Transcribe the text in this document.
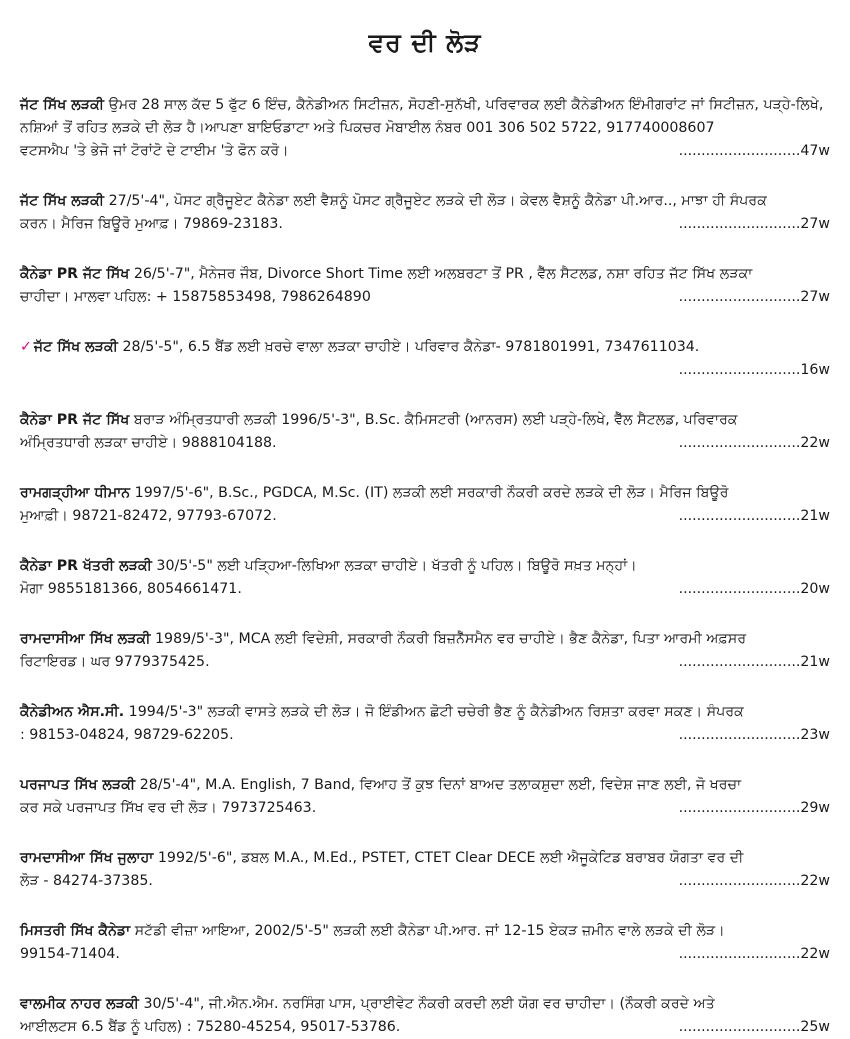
ਵਰ ਦੀ ਲੋੜ
ਜੱਟ ਸਿੱਖ ਲੜਕੀ ਉਮਰ 28 ਸਾਲ ਕੱਦ 5 ਫੁੱਟ 6 ਇੰਚ, ਕੈਨੇਡੀਅਨ ਸਿਟੀਜ਼ਨ, ਸੋਹਣੀ-ਸੁਨੱਖੀ, ਪਰਿਵਾਰਕ ਲਈ ਕੈਨੇਡੀਅਨ ਇੰਮੀਗਰਾਂਟ ਜਾਂ ਸਿਟੀਜ਼ਨ, ਪੜ੍ਹੇ-ਲਿਖੇ, ਨਸ਼ਿਆਂ ਤੋਂ ਰਹਿਤ ਲੜਕੇ ਦੀ ਲੋੜ ਹੈ।ਆਪਣਾ ਬਾਇਓਡਾਟਾ ਅਤੇ ਪਿਕਚਰ ਮੋਬਾਈਲ ਨੰਬਰ 001 306 502 5722, 917740008607
ਵਟਸਐਪ 'ਤੇ ਭੇਜੋ ਜਾਂ ਟੋਰਾਂਟੋ ਦੇ ਟਾਈਮ 'ਤੇ ਫੋਨ ਕਰੋ।	...........................47w
ਜੱਟ ਸਿੱਖ ਲੜਕੀ 27/5'-4", ਪੋਸਟ ਗ੍ਰੈਜੂਏਟ ਕੈਨੇਡਾ ਲਈ ਵੈਸ਼ਨੂੰ ਪੋਸਟ ਗ੍ਰੈਜੂਏਟ ਲੜਕੇ ਦੀ ਲੋੜ। ਕੇਵਲ ਵੈਸ਼ਨੂੰ ਕੈਨੇਡਾ ਪੀ.ਆਰ.., ਮਾਝਾ ਹੀ ਸੰਪਰਕ
ਕਰਨ। ਮੈਰਿਜ ਬਿਊਰੋ ਮੁਆਫ਼। 79869-23183.	...........................27w
ਕੈਨੇਡਾ PR ਜੱਟ ਸਿੱਖ 26/5'-7", ਮੈਨੇਜਰ ਜੌਬ, Divorce Short Time ਲਈ ਅਲਬਰਟਾ ਤੋਂ PR , ਵੈੱਲ ਸੈਟਲਡ, ਨਸ਼ਾ ਰਹਿਤ ਜੱਟ ਸਿੱਖ ਲੜਕਾ
ਚਾਹੀਦਾ। ਮਾਲਵਾ ਪਹਿਲ: + 15875853498, 7986264890	...........................27w
✓ ਜੱਟ ਸਿੱਖ ਲੜਕੀ 28/5'-5", 6.5 ਬੈਂਡ ਲਈ ਖ਼ਰਚੇ ਵਾਲਾ ਲੜਕਾ ਚਾਹੀਏ। ਪਰਿਵਾਰ ਕੈਨੇਡਾ- 9781801991, 7347611034.
...........................16w
ਕੈਨੇਡਾ PR ਜੱਟ ਸਿੱਖ ਬਰਾੜ ਅੰਮ੍ਰਿਤਧਾਰੀ ਲੜਕੀ 1996/5'-3", B.Sc. ਕੈਮਿਸਟਰੀ (ਆਨਰਸ) ਲਈ ਪੜ੍ਹੇ-ਲਿਖੇ, ਵੈੱਲ ਸੈਟਲਡ, ਪਰਿਵਾਰਕ
ਅੰਮ੍ਰਿਤਧਾਰੀ ਲੜਕਾ ਚਾਹੀਏ। 9888104188.	...........................22w
ਰਾਮਗੜ੍ਹੀਆ ਧੀਮਾਨ 1997/5'-6", B.Sc., PGDCA, M.Sc. (IT) ਲੜਕੀ ਲਈ ਸਰਕਾਰੀ ਨੌਕਰੀ ਕਰਦੇ ਲੜਕੇ ਦੀ ਲੋੜ। ਮੈਰਿਜ ਬਿਊਰੋ
ਮੁਆਫ਼ੀ। 98721-82472, 97793-67072.	...........................21w
ਕੈਨੇਡਾ PR ਖੱਤਰੀ ਲੜਕੀ 30/5'-5" ਲਈ ਪੜ੍ਹਿਆ-ਲਿਖਿਆ ਲੜਕਾ ਚਾਹੀਏ। ਖੱਤਰੀ ਨੂੰ ਪਹਿਲ। ਬਿਊਰੋ ਸਖ਼ਤ ਮਨ੍ਹਾਂ।
ਮੋਗਾ 9855181366, 8054661471.	...........................20w
ਰਾਮਦਾਸੀਆ ਸਿੱਖ ਲੜਕੀ 1989/5'-3", MCA ਲਈ ਵਿਦੇਸ਼ੀ, ਸਰਕਾਰੀ ਨੌਕਰੀ ਬਿਜ਼ਨੈੱਸਮੈਨ ਵਰ ਚਾਹੀਏ। ਭੈਣ ਕੈਨੇਡਾ, ਪਿਤਾ ਆਰਮੀ ਅਫ਼ਸਰ
ਰਿਟਾਇਰਡ। ਘਰ 9779375425.	...........................21w
ਕੈਨੇਡੀਅਨ ਐਸ.ਸੀ. 1994/5'-3" ਲੜਕੀ ਵਾਸਤੇ ਲੜਕੇ ਦੀ ਲੋੜ। ਜੋ ਇੰਡੀਅਨ ਛੋਟੀ ਚਚੇਰੀ ਭੈਣ ਨੂੰ ਕੈਨੇਡੀਅਨ ਰਿਸ਼ਤਾ ਕਰਵਾ ਸਕਣ। ਸੰਪਰਕ
: 98153-04824, 98729-62205.	...........................23w
ਪਰਜਾਪਤ ਸਿੱਖ ਲੜਕੀ 28/5'-4", M.A. English, 7 Band, ਵਿਆਹ ਤੋਂ ਕੁਝ ਦਿਨਾਂ ਬਾਅਦ ਤਲਾਕਸ਼ੁਦਾ ਲਈ, ਵਿਦੇਸ਼ ਜਾਣ ਲਈ, ਜੋ ਖਰਚਾ
ਕਰ ਸਕੇ ਪਰਜਾਪਤ ਸਿੱਖ ਵਰ ਦੀ ਲੋੜ। 7973725463.	...........................29w
ਰਾਮਦਾਸੀਆ ਸਿੱਖ ਜੁਲਾਹਾ 1992/5'-6", ਡਬਲ M.A., M.Ed., PSTET, CTET Clear DECE ਲਈ ਐਜੂਕੇਟਿਡ ਬਰਾਬਰ ਯੋਗਤਾ ਵਰ ਦੀ
ਲੋੜ - 84274-37385.	...........................22w
ਮਿਸਤਰੀ ਸਿੱਖ ਕੈਨੇਡਾ ਸਟੱਡੀ ਵੀਜ਼ਾ ਆਇਆ, 2002/5'-5" ਲੜਕੀ ਲਈ ਕੈਨੇਡਾ ਪੀ.ਆਰ. ਜਾਂ 12-15 ਏਕੜ ਜ਼ਮੀਨ ਵਾਲੇ ਲੜਕੇ ਦੀ ਲੋੜ।
99154-71404.	...........................22w
ਵਾਲਮੀਕ ਨਾਹਰ ਲੜਕੀ 30/5'-4", ਜੀ.ਐਨ.ਐਮ. ਨਰਸਿੰਗ ਪਾਸ, ਪ੍ਰਾਈਵੇਟ ਨੌਕਰੀ ਕਰਦੀ ਲਈ ਯੋਗ ਵਰ ਚਾਹੀਦਾ। (ਨੌਕਰੀ ਕਰਦੇ ਅਤੇ
ਆਈਲਟਸ 6.5 ਬੈਂਡ ਨੂੰ ਪਹਿਲ) : 75280-45254, 95017-53786.	...........................25w
